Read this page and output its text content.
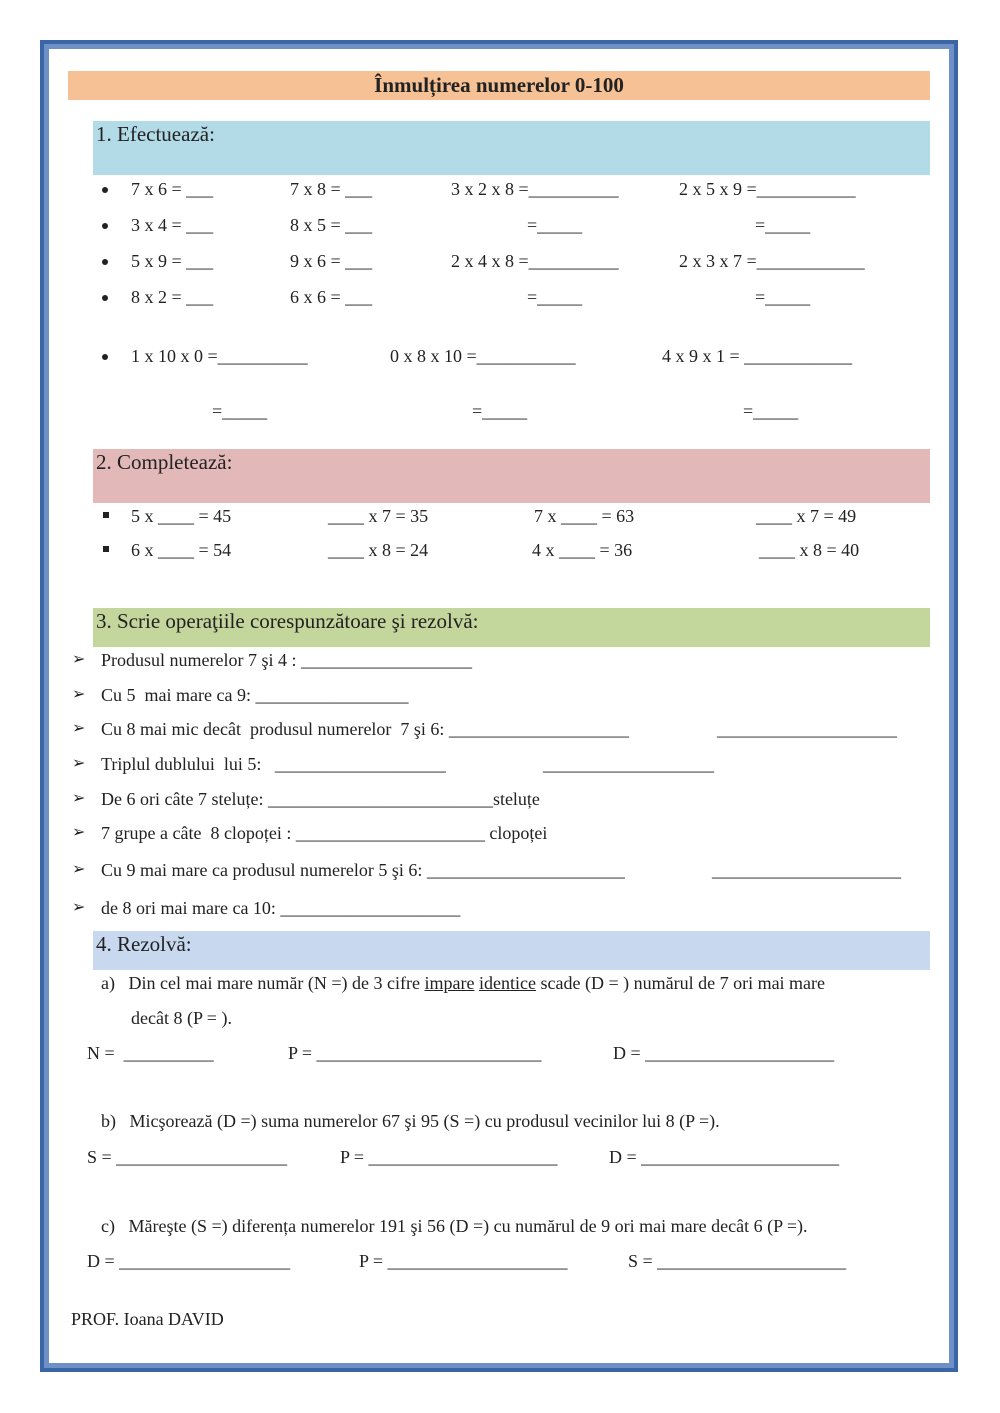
Înmulțirea numerelor 0-100
1. Efectuează:
7 x 6 = ___	7 x 8 = ___	3 x 2 x 8 =__________	2 x 5 x 9 =___________
3 x 4 = ___	8 x 5 = ___	=_____	=_____
5 x 9 = ___	9 x 6 = ___	2 x 4 x 8 =__________	2 x 3 x 7 =____________
8 x 2 = ___	6 x 6 = ___	=_____	=_____
1 x 10 x 0 =__________	0 x 8 x 10 =___________	4 x 9 x 1 = ____________
=_____	=_____	=_____
2. Completează:
5 x ____ = 45	____ x 7 = 35	7 x ____ = 63	____ x 7 = 49
6 x ____ = 54	____ x 8 = 24	4 x ____ = 36	____ x 8 = 40
3. Scrie operaţiile corespunzătoare şi rezolvă:
➢ Produsul numerelor 7 şi 4 : ___________________
➢ Cu 5  mai mare ca 9: _________________
➢ Cu 8 mai mic decât  produsul numerelor  7 şi 6: ____________________	____________________
➢ Triplul dublului  lui 5:   ___________________	___________________
➢ De 6 ori câte 7 steluțe: _________________________steluțe
➢ 7 grupe a câte  8 clopoței : _____________________ clopoței
➢ Cu 9 mai mare ca produsul numerelor 5 şi 6: ______________________	_____________________
➢ de 8 ori mai mare ca 10: ____________________
4. Rezolvă:
a)   Din cel mai mare număr (N =) de 3 cifre impare identice scade (D = ) numărul de 7 ori mai mare
decât 8 (P = ).
N =  __________	P = _________________________	D = _____________________
b)   Micşorează (D =) suma numerelor 67 şi 95 (S =) cu produsul vecinilor lui 8 (P =).
S = ___________________	P = _____________________	D = ______________________
c)   Măreşte (S =) diferența numerelor 191 şi 56 (D =) cu numărul de 9 ori mai mare decât 6 (P =).
D = ___________________	P = ____________________	S = _____________________
PROF. Ioana DAVID
